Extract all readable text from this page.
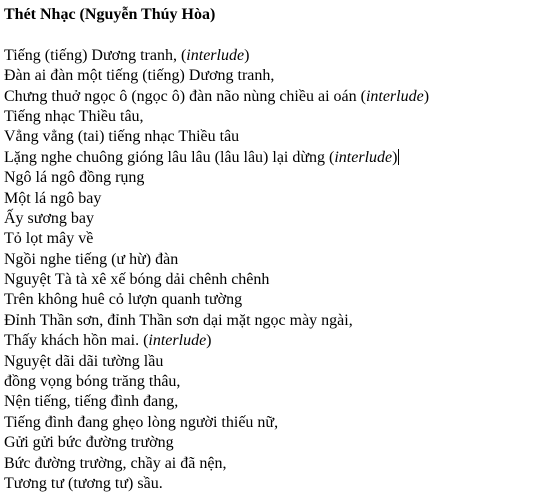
Thét Nhạc (Nguyễn Thúy Hòa)
Tiếng (tiếng) Dương tranh, (interlude)
Đàn ai đàn một tiếng (tiếng) Dương tranh,
Chưng thuở ngọc ô (ngọc ô) đàn não nùng chiều ai oán (interlude)
Tiếng nhạc Thiều tâu,
Vẳng vẳng (tai) tiếng nhạc Thiều tâu
Lặng nghe chuông gióng lâu lâu (lâu lâu) lại dừng (interlude)
Ngô lá ngô đồng rụng
Một lá ngô bay
Ấy sương bay
Tỏ lọt mây về
Ngồi nghe tiếng (ư hừ) đàn
Nguyệt Tà tà xê xế bóng dải chênh chênh
Trên không huê cỏ lượn quanh tường
Đỉnh Thần sơn, đỉnh Thần sơn dại mặt ngọc mày ngài,
Thấy khách hồn mai. (interlude)
Nguyệt dãi dãi tường lầu
đồng vọng bóng trăng thâu,
Nện tiếng, tiếng đình đang,
Tiếng đình đang ghẹo lòng người thiếu nữ,
Gửi gửi bức đường trường
Bức đường trường, chầy ai đã nện,
Tương tư (tương tư) sầu.
